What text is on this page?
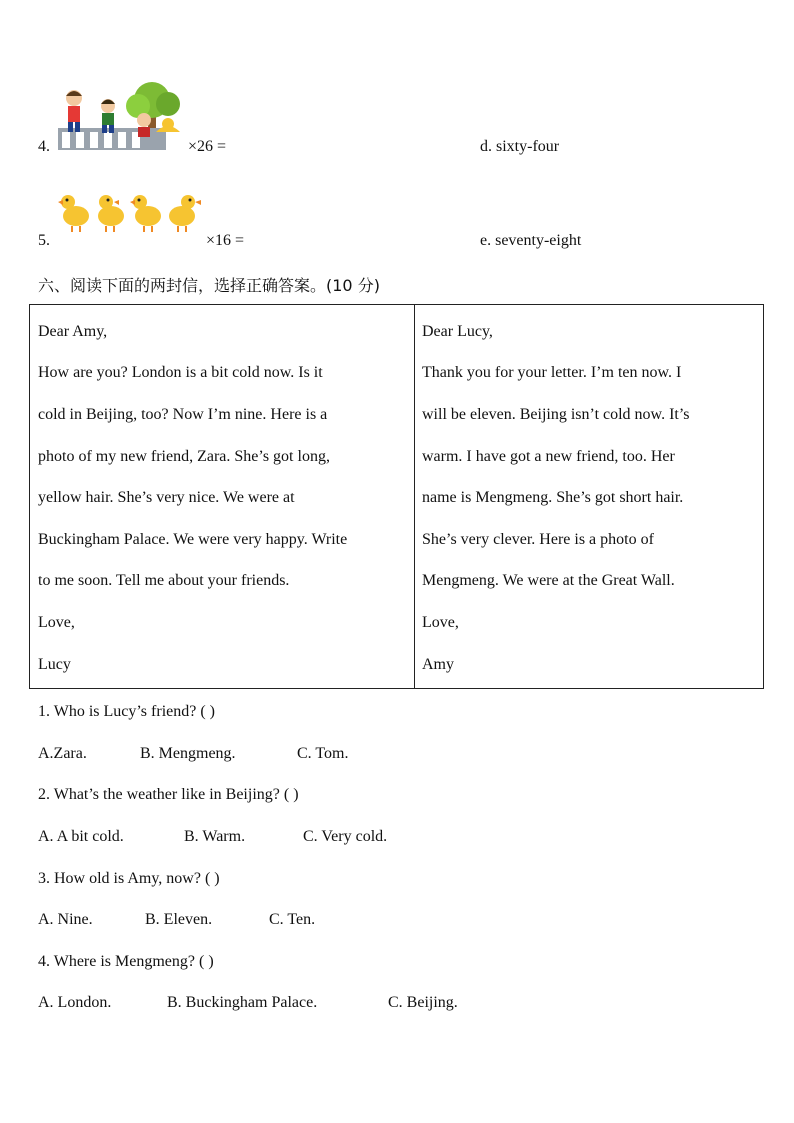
4.	×26 =	d. sixty-four
5.	×16 =	e. seventy-eight
六、阅读下面的两封信，选择正确答案。(10 分)
Dear Amy,
How are you? London is a bit cold now. Is it
cold in Beijing, too? Now I’m nine. Here is a
photo of my new friend, Zara. She’s got long,
yellow hair. She’s very nice. We were at
Buckingham Palace. We were very happy. Write
to me soon. Tell me about your friends.
Love,
Lucy
Dear Lucy,
Thank you for your letter. I’m ten now. I
will be eleven. Beijing isn’t cold now. It’s
warm. I have got a new friend, too. Her
name is Mengmeng. She’s got short hair.
She’s very clever. Here is a photo of
Mengmeng. We were at the Great Wall.
Love,
Amy
1. Who is Lucy’s friend? ( )
A.Zara.	B. Mengmeng.	C. Tom.
2. What’s the weather like in Beijing? ( )
A. A bit cold.	B. Warm.	C. Very cold.
3. How old is Amy, now? ( )
A. Nine.	B. Eleven.	C. Ten.
4. Where is Mengmeng? ( )
A. London.	B. Buckingham Palace.	C. Beijing.
